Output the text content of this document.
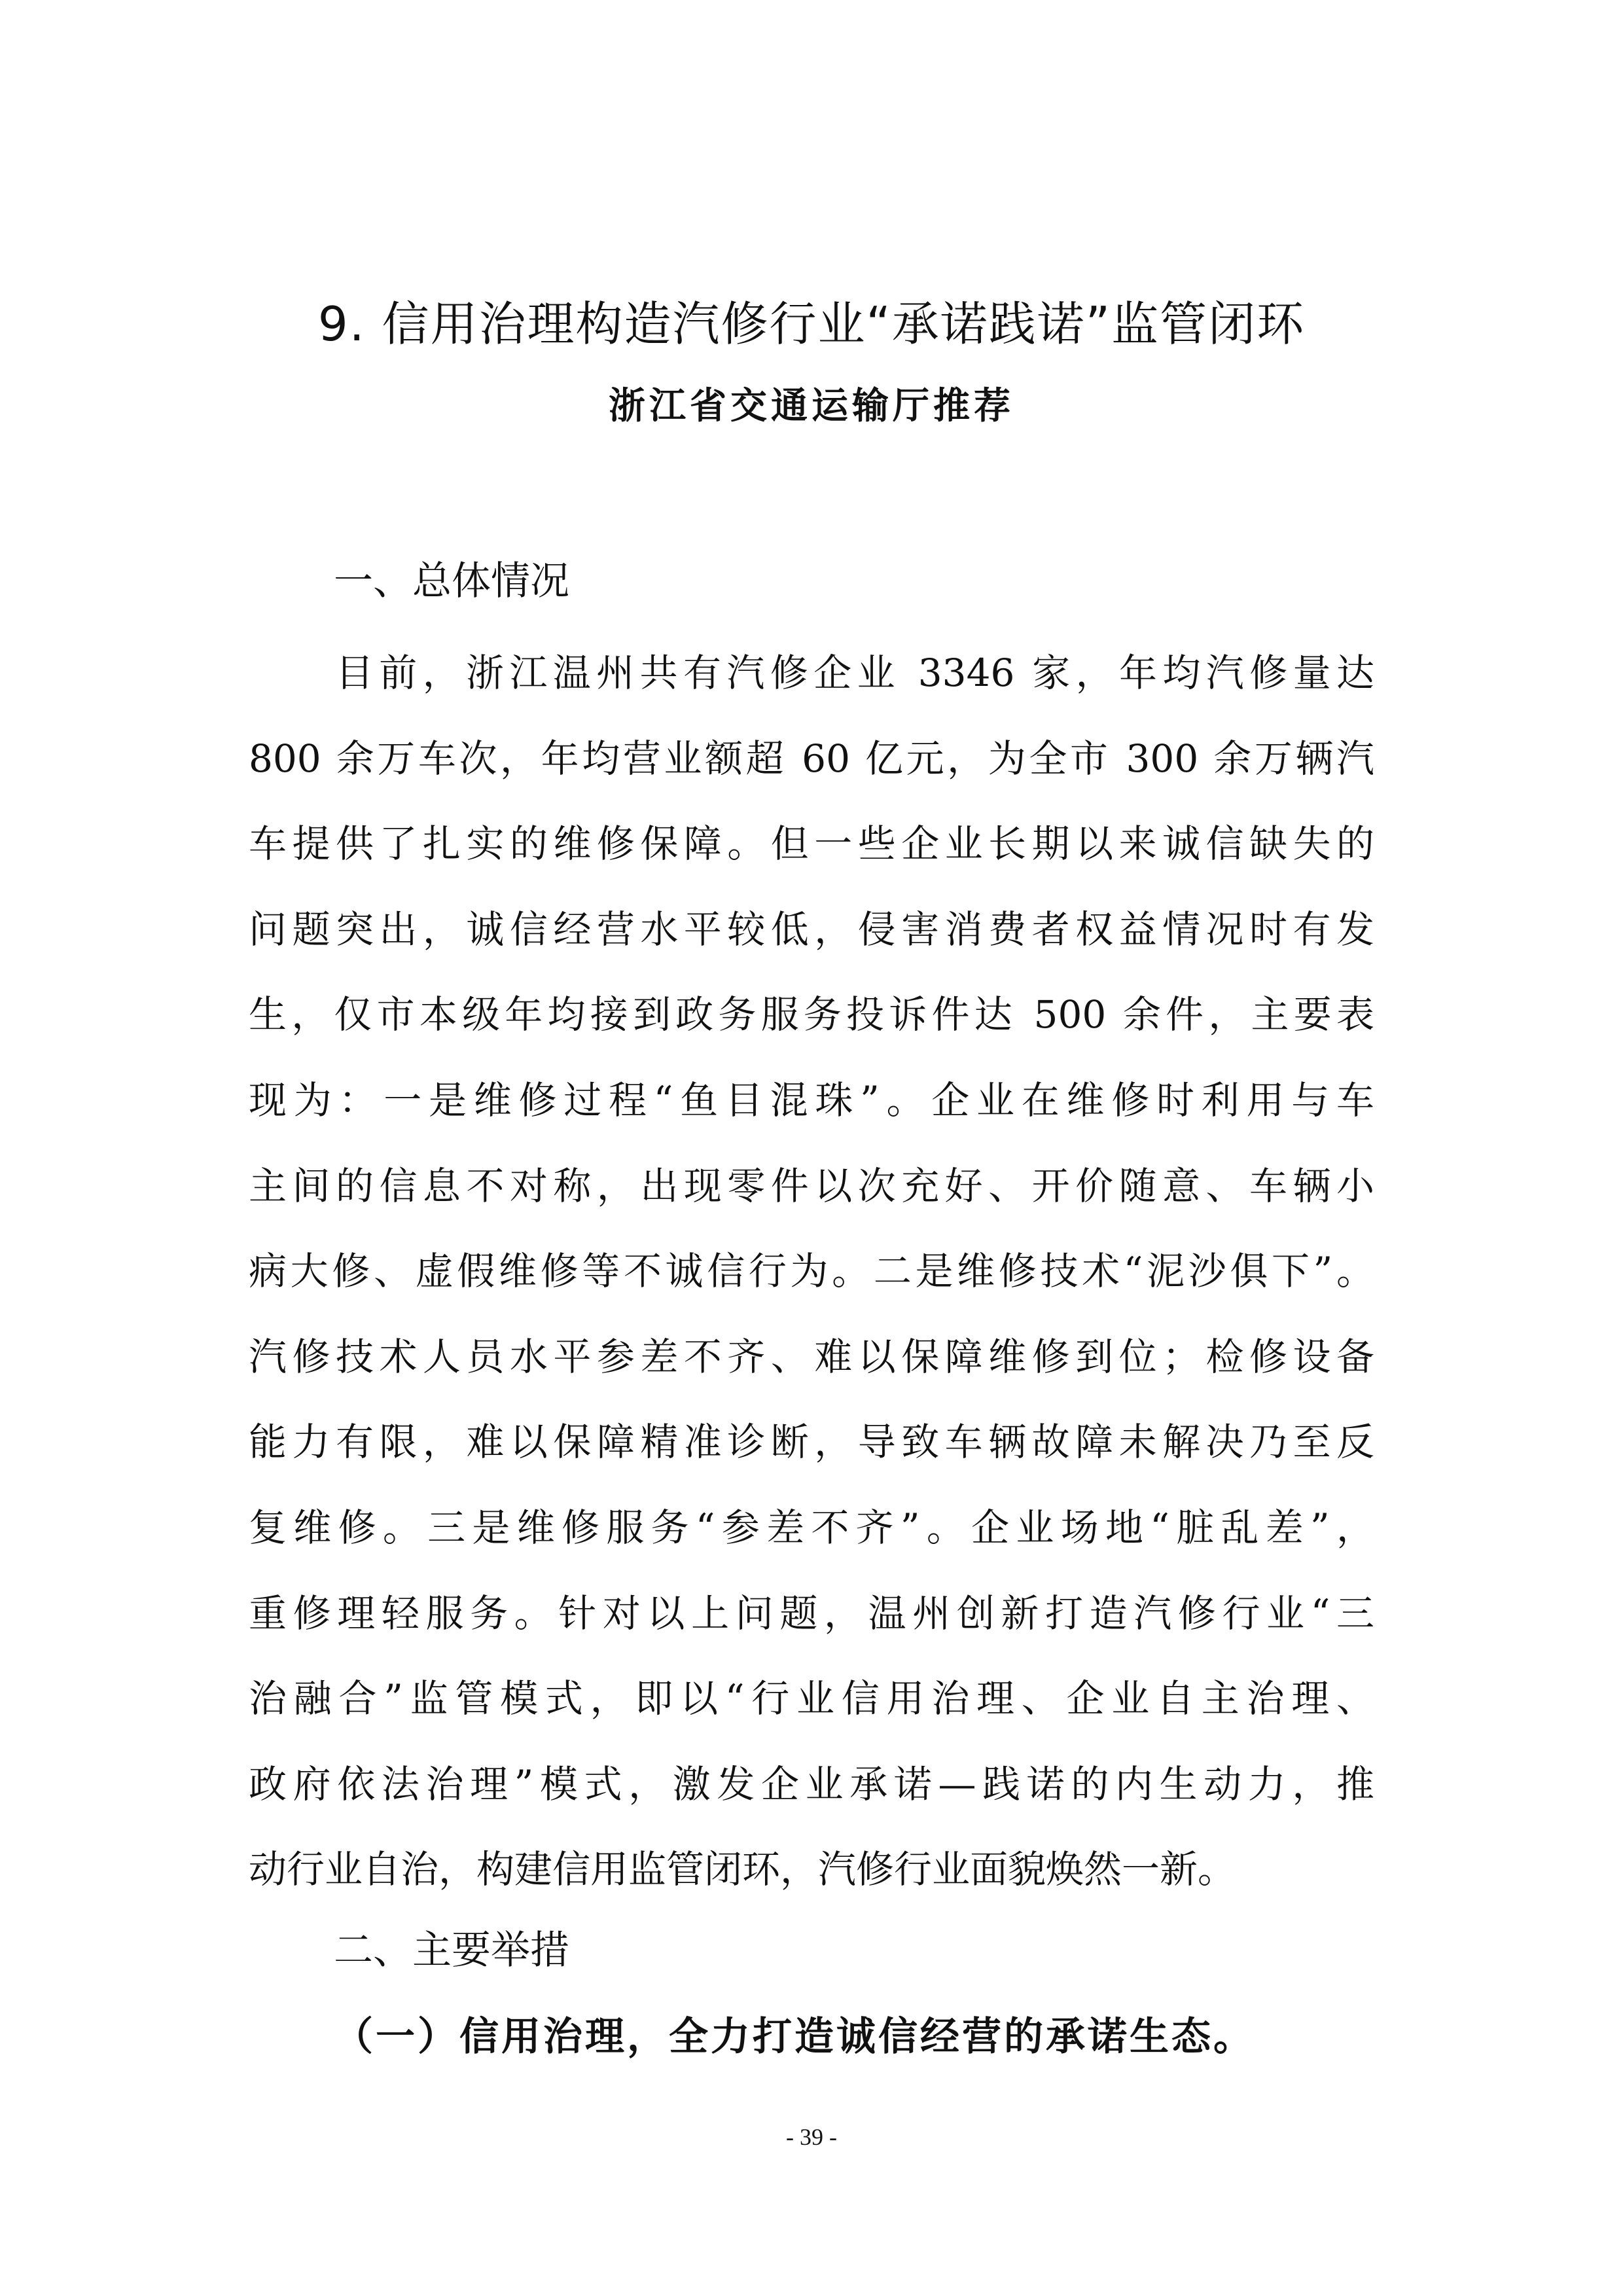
9. 信用治理构造汽修行业“承诺践诺”监管闭环
浙江省交通运输厅推荐
一、总体情况
　　目前，浙江温州共有汽修企业 3346 家，年均汽修量达
800 余万车次，年均营业额超 60 亿元，为全市 300 余万辆汽
车提供了扎实的维修保障。但一些企业长期以来诚信缺失的
问题突出，诚信经营水平较低，侵害消费者权益情况时有发
生，仅市本级年均接到政务服务投诉件达 500 余件，主要表
现为：一是维修过程“鱼目混珠”。企业在维修时利用与车
主间的信息不对称，出现零件以次充好、开价随意、车辆小
病大修、虚假维修等不诚信行为。二是维修技术“泥沙俱下”。
汽修技术人员水平参差不齐、难以保障维修到位；检修设备
能力有限，难以保障精准诊断，导致车辆故障未解决乃至反
复维修。三是维修服务“参差不齐”。企业场地“脏乱差”，
重修理轻服务。针对以上问题，温州创新打造汽修行业“三
治融合”监管模式，即以“行业信用治理、企业自主治理、
政府依法治理”模式，激发企业承诺—践诺的内生动力，推
动行业自治，构建信用监管闭环，汽修行业面貌焕然一新。
二、主要举措
（一）信用治理，全力打造诚信经营的承诺生态。
- 39 -
